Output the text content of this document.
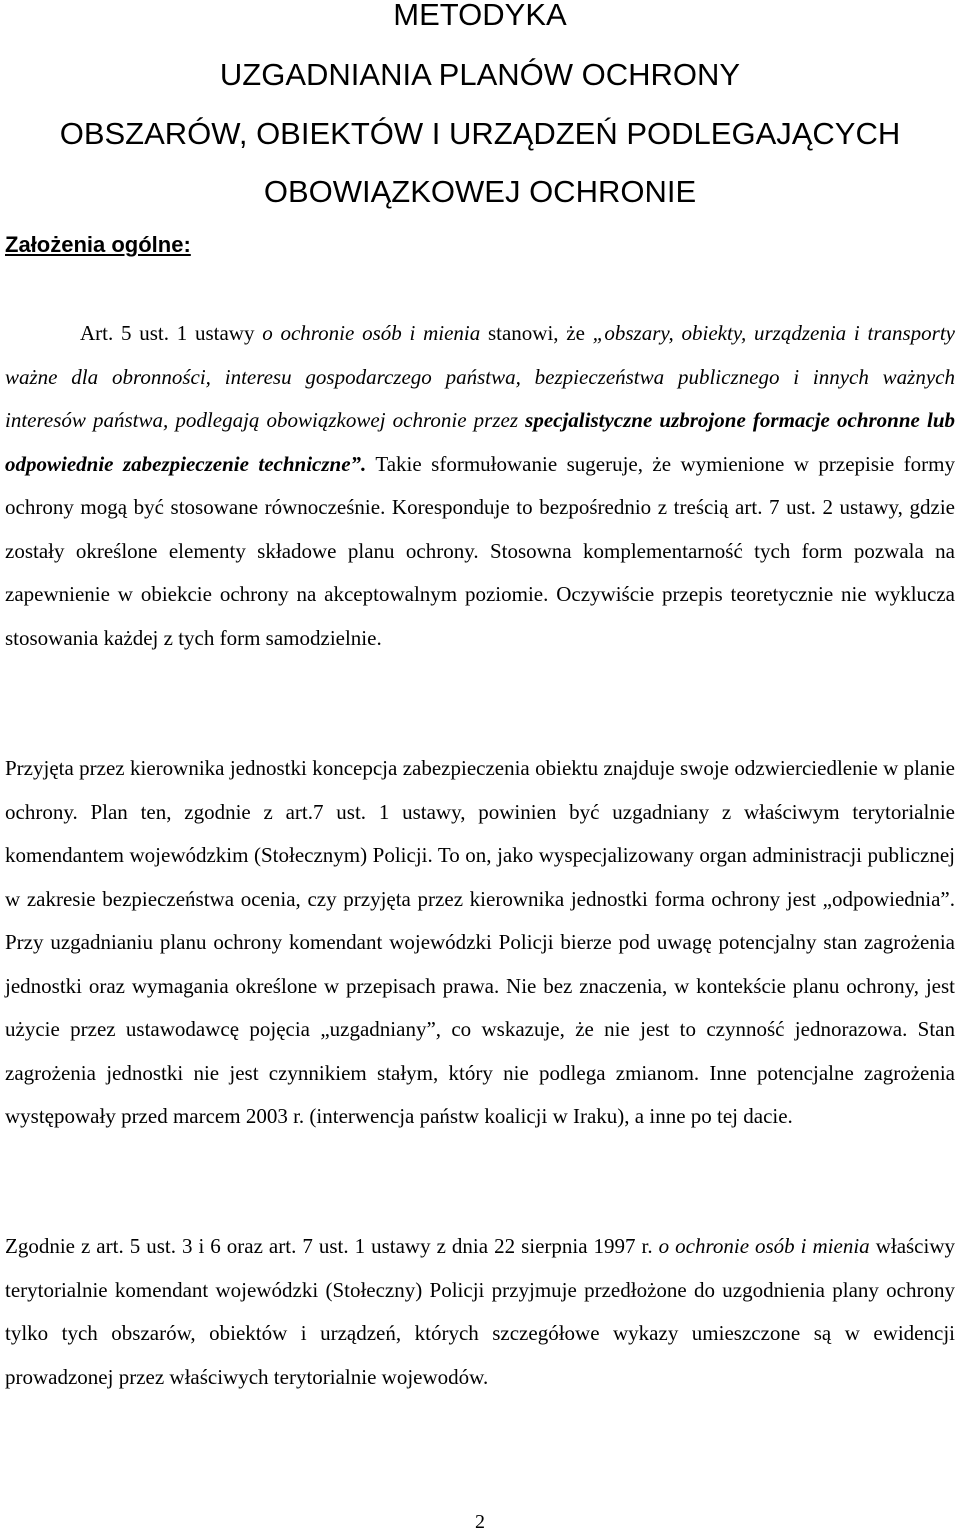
METODYKA
UZGADNIANIA PLANÓW OCHRONY
OBSZARÓW, OBIEKTÓW I URZĄDZEŃ PODLEGAJĄCYCH
OBOWIĄZKOWEJ OCHRONIE
Założenia ogólne:

Art. 5 ust. 1 ustawy o ochronie osób i mienia stanowi, że „obszary, obiekty, urządzenia i transporty ważne dla obronności, interesu gospodarczego państwa, bezpieczeństwa publicznego i innych ważnych interesów państwa, podlegają obowiązkowej ochronie przez specjalistyczne uzbrojone formacje ochronne lub odpowiednie zabezpieczenie techniczne”. Takie sformułowanie sugeruje, że wymienione w przepisie formy ochrony mogą być stosowane równocześnie. Koresponduje to bezpośrednio z treścią art. 7 ust. 2 ustawy, gdzie zostały określone elementy składowe planu ochrony. Stosowna komplementarność tych form pozwala na zapewnienie w obiekcie ochrony na akceptowalnym poziomie. Oczywiście przepis teoretycznie nie wyklucza stosowania każdej z tych form samodzielnie.

Przyjęta przez kierownika jednostki koncepcja zabezpieczenia obiektu znajduje swoje odzwierciedlenie w planie ochrony. Plan ten, zgodnie z art.7 ust. 1 ustawy, powinien być uzgadniany z właściwym terytorialnie komendantem wojewódzkim (Stołecznym) Policji. To on, jako wyspecjalizowany organ administracji publicznej w zakresie bezpieczeństwa ocenia, czy przyjęta przez kierownika jednostki forma ochrony jest „odpowiednia”. Przy uzgadnianiu planu ochrony komendant wojewódzki Policji bierze pod uwagę potencjalny stan zagrożenia jednostki oraz wymagania określone w przepisach prawa. Nie bez znaczenia, w kontekście planu ochrony, jest użycie przez ustawodawcę pojęcia „uzgadniany”, co wskazuje, że nie jest to czynność jednorazowa. Stan zagrożenia jednostki nie jest czynnikiem stałym, który nie podlega zmianom. Inne potencjalne zagrożenia występowały przed marcem 2003 r. (interwencja państw koalicji w Iraku), a inne po tej dacie.

Zgodnie z art. 5 ust. 3 i 6 oraz art. 7 ust. 1 ustawy z dnia 22 sierpnia 1997 r. o ochronie osób i mienia właściwy terytorialnie komendant wojewódzki (Stołeczny) Policji przyjmuje przedłożone do uzgodnienia plany ochrony tylko tych obszarów, obiektów i urządzeń, których szczegółowe wykazy umieszczone są w ewidencji prowadzonej przez właściwych terytorialnie wojewodów.

2
